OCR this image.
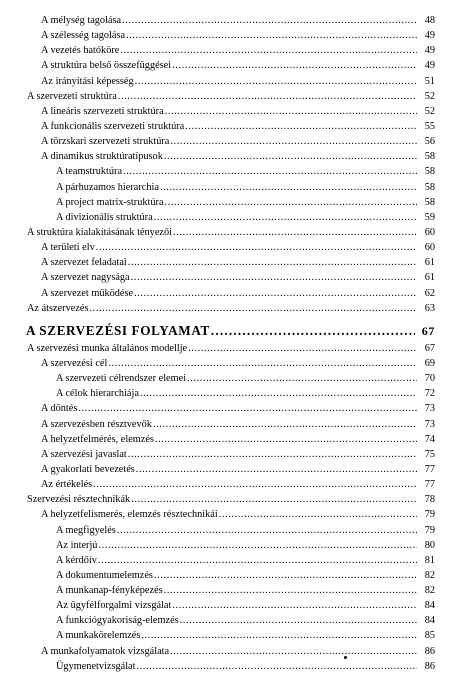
A mélység tagolása .....	48
A szélesség tagolása .....	49
A vezetés hatóköre .....	49
A struktúra belső összefüggései .....	49
Az irányítási képesség .....	51
A szervezeti struktúra .....	52
A lineáris szervezeti struktúra .....	52
A funkcionális szervezeti struktúra .....	55
A törzskari szervezeti struktúra .....	56
A dinamikus struktúratípusok .....	58
A teamstruktúra .....	58
A párhuzamos hierarchia .....	58
A project matrix-struktúra .....	58
A divizionális struktúra .....	59
A struktúra kialakításának tényezői .....	60
A területi elv .....	60
A szervezet feladatai .....	61
A szervezet nagysága .....	61
A szervezet működése .....	62
Az átszervezés .....	63
A SZERVEZÉSI FOLYAMAT .....	67
A szervezési munka általános modellje .....	67
A szervezési cél .....	69
A szervezeti célrendszer elemei .....	70
A célok hierarchiája .....	72
A döntés .....	73
A szervezésben résztvevők .....	73
A helyzetfelmérés, elemzés .....	74
A szervezési javaslat .....	75
A gyakorlati bevezetés .....	77
Az értékelés .....	77
Szervezési résztechnikák .....	78
A helyzetfelismerés, elemzés résztechnikái .....	79
A megfigyelés .....	79
Az interjú .....	80
A kérdőív .....	81
A dokumentumelemzés .....	82
A munkanap-fényképezés .....	82
Az ügyfélforgalmi vizsgálat .....	84
A funkciógyakoriság-elemzés .....	84
A munkakörelemzés .....	85
A munkafolyamatok vizsgálata .....	86
Ügymenetvizsgálat .....	86
